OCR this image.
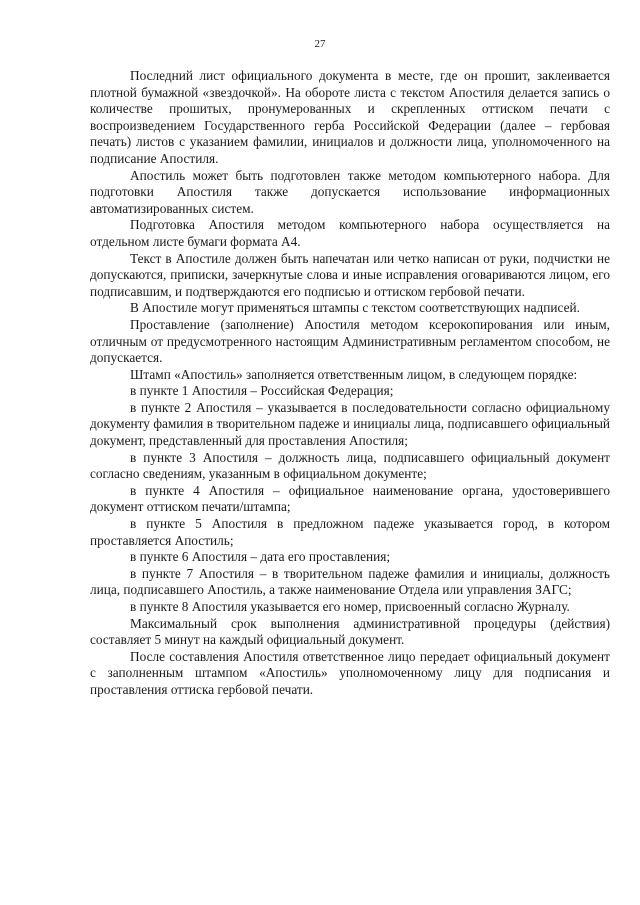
27

Последний лист официального документа в месте, где он прошит, заклеивается плотной бумажной «звездочкой». На обороте листа с текстом Апостиля делается запись о количестве прошитых, пронумерованных и скрепленных оттиском печати с воспроизведением Государственного герба Российской Федерации (далее – гербовая печать) листов с указанием фамилии, инициалов и должности лица, уполномоченного на подписание Апостиля.

Апостиль может быть подготовлен также методом компьютерного набора. Для подготовки Апостиля также допускается использование информационных автоматизированных систем.

Подготовка Апостиля методом компьютерного набора осуществляется на отдельном листе бумаги формата А4.

Текст в Апостиле должен быть напечатан или четко написан от руки, подчистки не допускаются, приписки, зачеркнутые слова и иные исправления оговариваются лицом, его подписавшим, и подтверждаются его подписью и оттиском гербовой печати.

В Апостиле могут применяться штампы с текстом соответствующих надписей.

Проставление (заполнение) Апостиля методом ксерокопирования или иным, отличным от предусмотренного настоящим Административным регламентом способом, не допускается.

Штамп «Апостиль» заполняется ответственным лицом, в следующем порядке:

в пункте 1 Апостиля – Российская Федерация;

в пункте 2 Апостиля – указывается в последовательности согласно официальному документу фамилия в творительном падеже и инициалы лица, подписавшего официальный документ, представленный для проставления Апостиля;

в пункте 3 Апостиля – должность лица, подписавшего официальный документ согласно сведениям, указанным в официальном документе;

в пункте 4 Апостиля – официальное наименование органа, удостоверившего документ оттиском печати/штампа;

в пункте 5 Апостиля в предложном падеже указывается город, в котором проставляется Апостиль;

в пункте 6 Апостиля – дата его проставления;

в пункте 7 Апостиля – в творительном падеже фамилия и инициалы, должность лица, подписавшего Апостиль, а также наименование Отдела или управления ЗАГС;

в пункте 8 Апостиля указывается его номер, присвоенный согласно Журналу.

Максимальный срок выполнения административной процедуры (действия) составляет 5 минут на каждый официальный документ.

После составления Апостиля ответственное лицо передает официальный документ с заполненным штампом «Апостиль» уполномоченному лицу для подписания и проставления оттиска гербовой печати.
